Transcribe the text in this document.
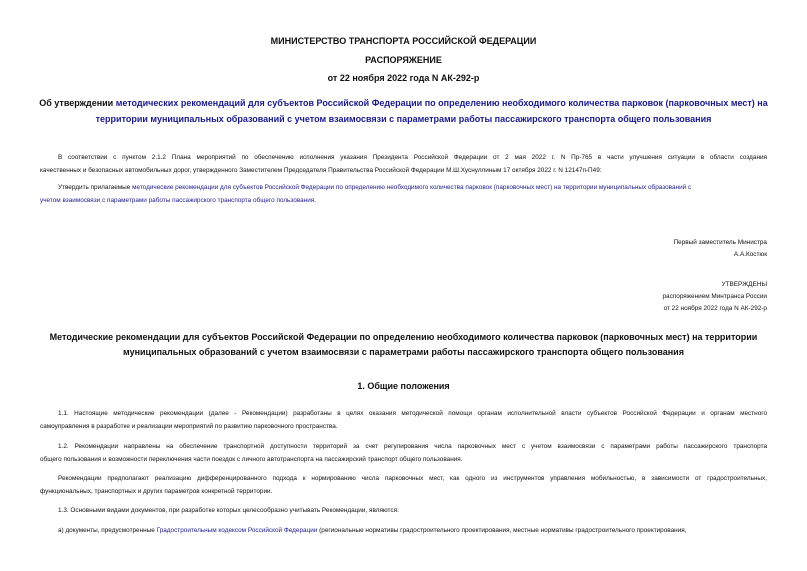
МИНИСТЕРСТВО ТРАНСПОРТА РОССИЙСКОЙ ФЕДЕРАЦИИ
РАСПОРЯЖЕНИЕ
от 22 ноября 2022 года N АК-292-р
Об утверждении методических рекомендаций для субъектов Российской Федерации по определению необходимого количества парковок (парковочных мест) на
территории муниципальных образований с учетом взаимосвязи с параметрами работы пассажирского транспорта общего пользования
В соответствии с пунктом 2.1.2 Плана мероприятий по обеспечению исполнения указания Президента Российской Федерации от 2 мая 2022 г. N Пр-765 в части улучшения ситуации в области создания
качественных и безопасных автомобильных дорог, утвержденного Заместителем Председателя Правительства Российской Федерации М.Ш.Хуснуллиным 17 октября 2022 г. N 12147п-П49:
Утвердить прилагаемые методические рекомендации для субъектов Российской Федерации по определению необходимого количества парковок (парковочных мест) на территории муниципальных образований с
учетом взаимосвязи с параметрами работы пассажирского транспорта общего пользования.
Первый заместитель Министра
А.А.Костюк
УТВЕРЖДЕНЫ
распоряжением Минтранса России
от 22 ноября 2022 года N АК-292-р
Методические рекомендации для субъектов Российской Федерации по определению необходимого количества парковок (парковочных мест) на территории
муниципальных образований с учетом взаимосвязи с параметрами работы пассажирского транспорта общего пользования
1. Общие положения
1.1. Настоящие методические рекомендации (далее - Рекомендации) разработаны в целях оказания методической помощи органам исполнительной власти субъектов Российской Федерации и органам местного
самоуправления в разработке и реализации мероприятий по развитию парковочного пространства.
1.2. Рекомендации направлены на обеспечение транспортной доступности территорий за счет регулирования числа парковочных мест с учетом взаимосвязи с параметрами работы пассажирского транспорта
общего пользования и возможности переключения части поездок с личного автотранспорта на пассажирский транспорт общего пользования.
Рекомендации предполагают реализацию дифференцированного подхода к нормированию числа парковочных мест, как одного из инструментов управления мобильностью, в зависимости от градостроительных,
функциональных, транспортных и других параметров конкретной территории.
1.3. Основными видами документов, при разработке которых целесообразно учитывать Рекомендации, являются:
а) документы, предусмотренные Градостроительным кодексом Российской Федерации (региональные нормативы градостроительного проектирования, местные нормативы градостроительного проектирования,
